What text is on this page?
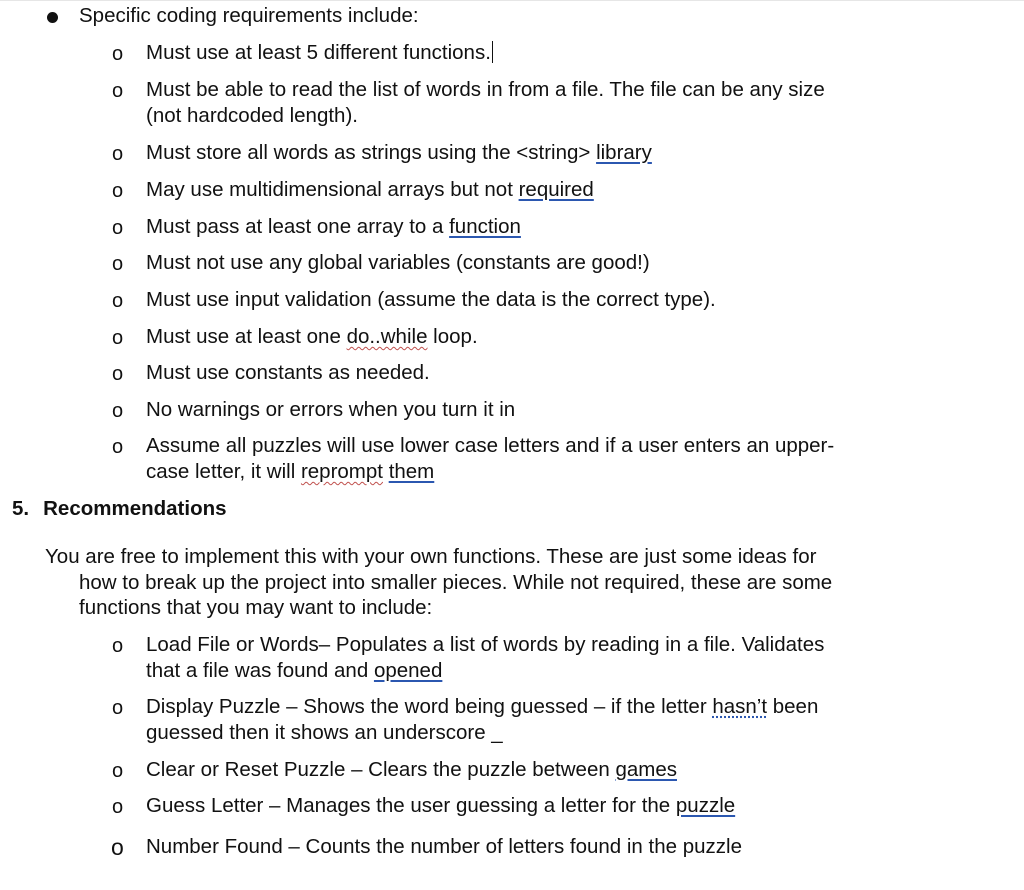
Specific coding requirements include:
o Must use at least 5 different functions.
o Must be able to read the list of words in from a file. The file can be any size
(not hardcoded length).
o Must store all words as strings using the <string> library
o May use multidimensional arrays but not required
o Must pass at least one array to a function
o Must not use any global variables (constants are good!)
o Must use input validation (assume the data is the correct type).
o Must use at least one do..while loop.
o Must use constants as needed.
o No warnings or errors when you turn it in
o Assume all puzzles will use lower case letters and if a user enters an upper-
case letter, it will reprompt them
5. Recommendations
You are free to implement this with your own functions. These are just some ideas for
how to break up the project into smaller pieces. While not required, these are some
functions that you may want to include:
o Load File or Words– Populates a list of words by reading in a file. Validates
that a file was found and opened
o Display Puzzle – Shows the word being guessed – if the letter hasn’t been
guessed then it shows an underscore _
o Clear or Reset Puzzle – Clears the puzzle between games
o Guess Letter – Manages the user guessing a letter for the puzzle
o Number Found – Counts the number of letters found in the puzzle
